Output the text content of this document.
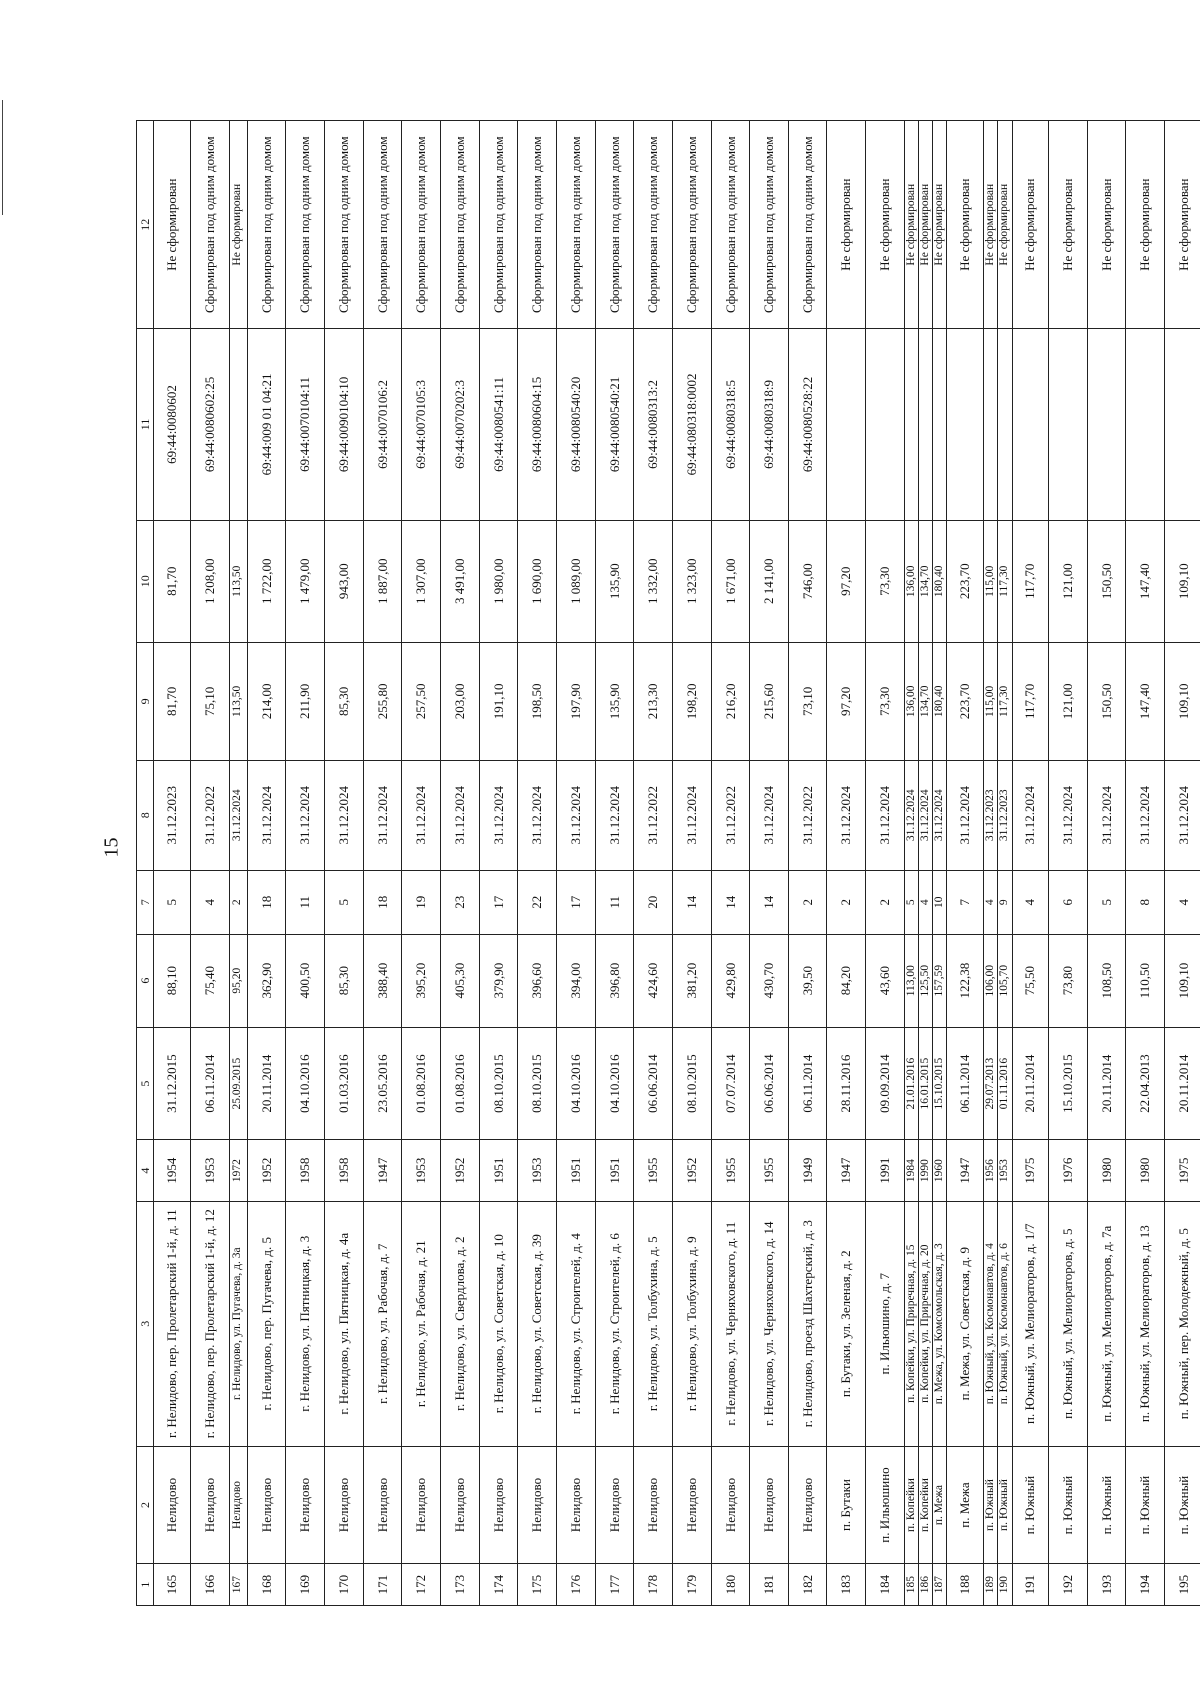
15
1	2	3	4	5	6	7	8	9	10	11	12
165	Нелидово	г. Нелидово, пер. Пролетарский 1-й, д. 11	1954	31.12.2015	88,10	5	31.12.2023	81,70	81,70	69:44:0080602	Не сформирован
166	Нелидово	г. Нелидово, пер. Пролетарский 1-й, д. 12	1953	06.11.2014	75,40	4	31.12.2022	75,10	1 208,00	69:44:0080602:25	Сформирован под одним домом
167	Нелидово	г. Нелидово, ул. Пугачева, д. 3а	1972	25.09.2015	95,20	2	31.12.2024	113,50	113,50		Не сформирован
168	Нелидово	г. Нелидово, пер. Пугачева, д. 5	1952	20.11.2014	362,90	18	31.12.2024	214,00	1 722,00	69:44:009 01 04:21	Сформирован под одним домом
169	Нелидово	г. Нелидово, ул. Пятницкая, д. 3	1958	04.10.2016	400,50	11	31.12.2024	211,90	1 479,00	69:44:0070104:11	Сформирован под одним домом
170	Нелидово	г. Нелидово, ул. Пятницкая, д. 4а	1958	01.03.2016	85,30	5	31.12.2024	85,30	943,00	69:44:0090104:10	Сформирован под одним домом
171	Нелидово	г. Нелидово, ул. Рабочая, д. 7	1947	23.05.2016	388,40	18	31.12.2024	255,80	1 887,00	69:44:0070106:2	Сформирован под одним домом
172	Нелидово	г. Нелидово, ул. Рабочая, д. 21	1953	01.08.2016	395,20	19	31.12.2024	257,50	1 307,00	69:44:0070105:3	Сформирован под одним домом
173	Нелидово	г. Нелидово, ул. Свердлова, д. 2	1952	01.08.2016	405,30	23	31.12.2024	203,00	3 491,00	69:44:0070202:3	Сформирован под одним домом
174	Нелидово	г. Нелидово, ул. Советская, д. 10	1951	08.10.2015	379,90	17	31.12.2024	191,10	1 980,00	69:44:0080541:11	Сформирован под одним домом
175	Нелидово	г. Нелидово, ул. Советская, д. 39	1953	08.10.2015	396,60	22	31.12.2024	198,50	1 690,00	69:44:0080604:15	Сформирован под одним домом
176	Нелидово	г. Нелидово, ул. Строителей, д. 4	1951	04.10.2016	394,00	17	31.12.2024	197,90	1 089,00	69:44:0080540:20	Сформирован под одним домом
177	Нелидово	г. Нелидово, ул. Строителей, д. 6	1951	04.10.2016	396,80	11	31.12.2024	135,90	135,90	69:44:0080540:21	Сформирован под одним домом
178	Нелидово	г. Нелидово, ул. Толбухина, д. 5	1955	06.06.2014	424,60	20	31.12.2022	213,30	1 332,00	69:44:0080313:2	Сформирован под одним домом
179	Нелидово	г. Нелидово, ул. Толбухина, д. 9	1952	08.10.2015	381,20	14	31.12.2024	198,20	1 323,00	69:44:080318:0002	Сформирован под одним домом
180	Нелидово	г. Нелидово, ул. Черняховского, д. 11	1955	07.07.2014	429,80	14	31.12.2022	216,20	1 671,00	69:44:0080318:5	Сформирован под одним домом
181	Нелидово	г. Нелидово, ул. Черняховского, д. 14	1955	06.06.2014	430,70	14	31.12.2024	215,60	2 141,00	69:44:0080318:9	Сформирован под одним домом
182	Нелидово	г. Нелидово, проезд Шахтерский, д. 3	1949	06.11.2014	39,50	2	31.12.2022	73,10	746,00	69:44:0080528:22	Сформирован под одним домом
183	п. Бутаки	п. Бутаки, ул. Зеленая, д. 2	1947	28.11.2016	84,20	2	31.12.2024	97,20	97,20		Не сформирован
184	п. Ильюшино	п. Ильюшино, д. 7	1991	09.09.2014	43,60	2	31.12.2024	73,30	73,30		Не сформирован
185	п. Копейки	п. Копейки, ул. Приречная, д. 15	1984	21.01.2016	113,00	5	31.12.2024	136,00	136,00		Не сформирован
186	п. Копейки	п. Копейки, ул. Приречная, д. 20	1990	16.01.2015	125,50	4	31.12.2024	134,70	134,70		Не сформирован
187	п. Межа	п. Межа, ул. Комсомольская, д. 3	1960	15.10.2015	157,59	10	31.12.2024	180,40	180,40		Не сформирован
188	п. Межа	п. Межа, ул. Советская, д. 9	1947	06.11.2014	122,38	7	31.12.2024	223,70	223,70		Не сформирован
189	п. Южный	п. Южный, ул. Космонавтов, д. 4	1956	29.07.2013	106,00	4	31.12.2023	115,00	115,00		Не сформирован
190	п. Южный	п. Южный, ул. Космонавтов, д. 6	1953	01.11.2016	105,70	9	31.12.2023	117,30	117,30		Не сформирован
191	п. Южный	п. Южный, ул. Мелиораторов, д. 1/7	1975	20.11.2014	75,50	4	31.12.2024	117,70	117,70		Не сформирован
192	п. Южный	п. Южный, ул. Мелиораторов, д. 5	1976	15.10.2015	73,80	6	31.12.2024	121,00	121,00		Не сформирован
193	п. Южный	п. Южный, ул. Мелиораторов, д. 7а	1980	20.11.2014	108,50	5	31.12.2024	150,50	150,50		Не сформирован
194	п. Южный	п. Южный, ул. Мелиораторов, д. 13	1980	22.04.2013	110,50	8	31.12.2024	147,40	147,40		Не сформирован
195	п. Южный	п. Южный, пер. Молодежный, д. 5	1975	20.11.2014	109,10	4	31.12.2024	109,10	109,10		Не сформирован
